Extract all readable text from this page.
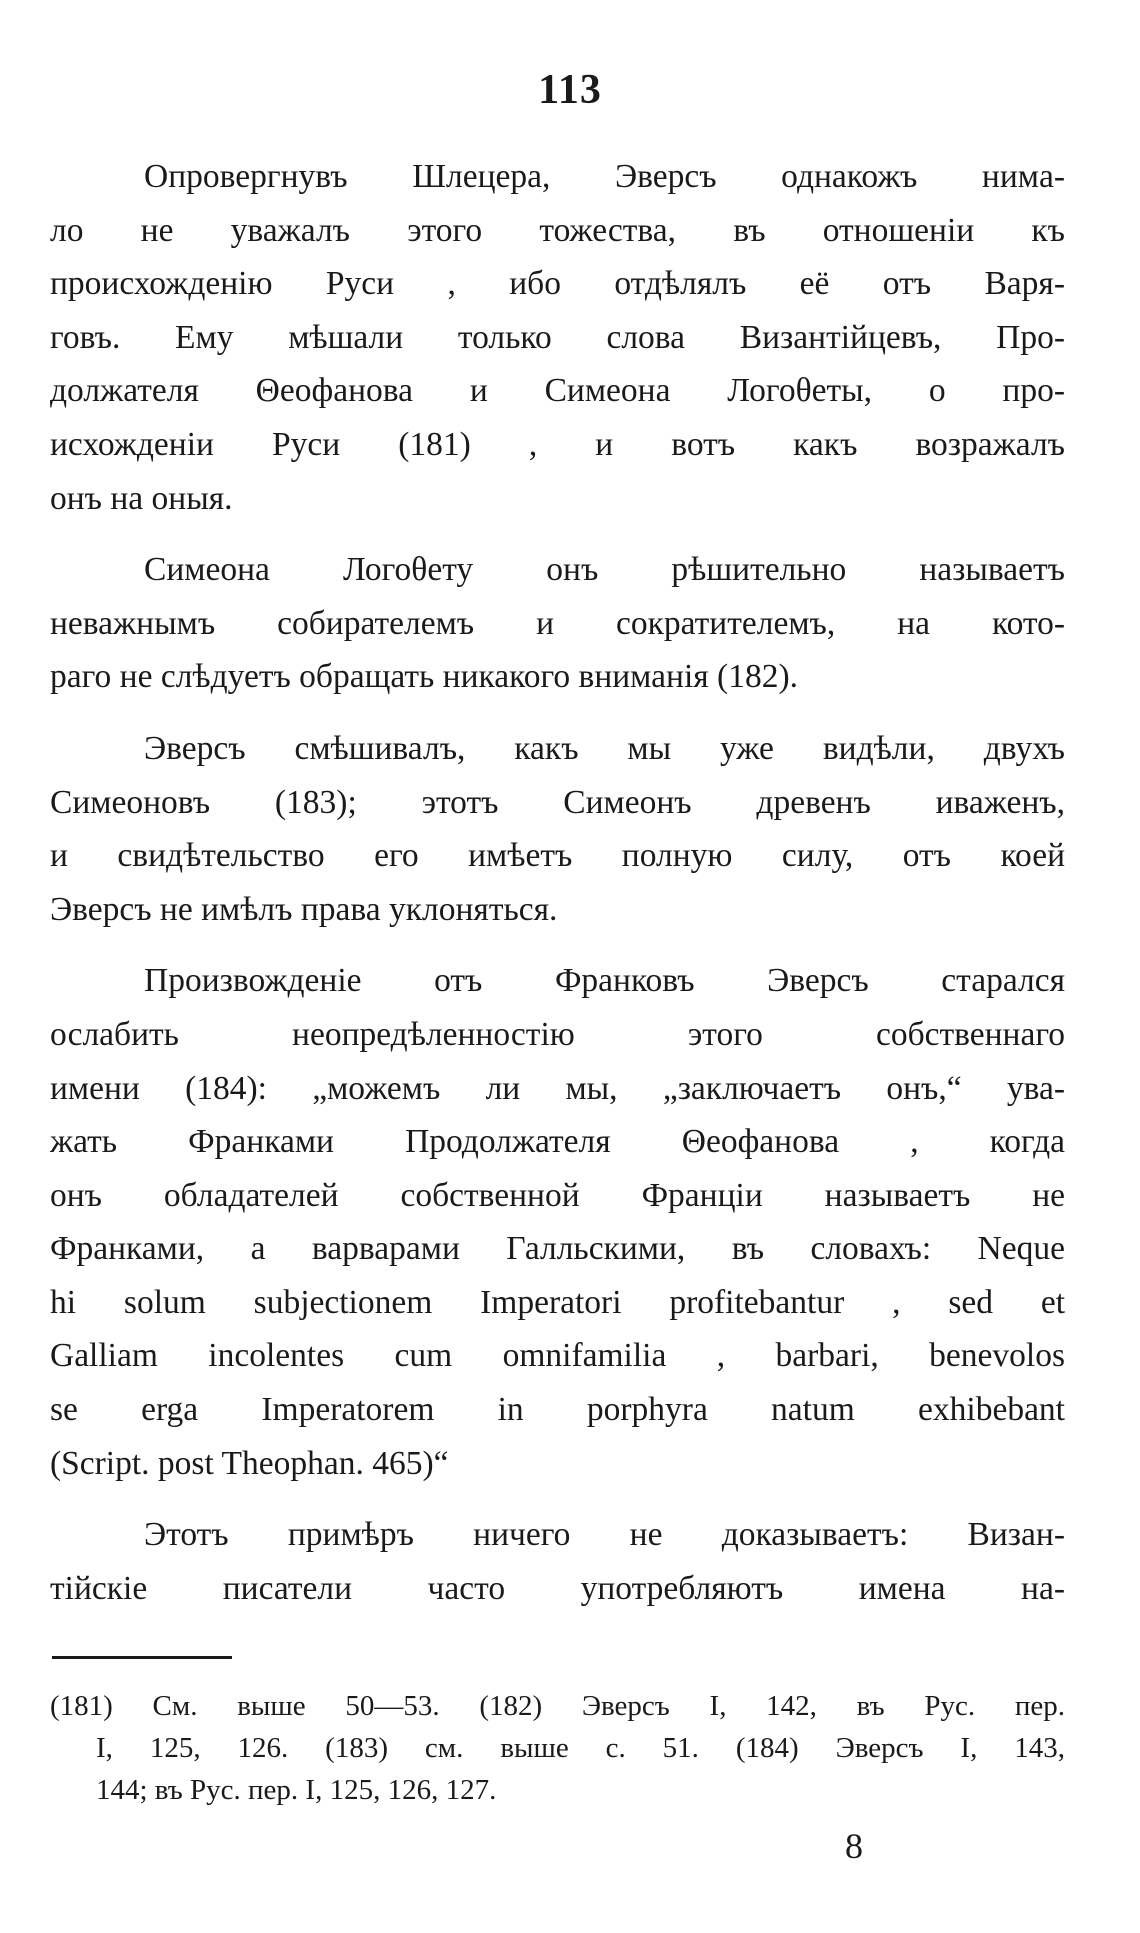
113
Опровергнувъ Шлецера, Эверсъ однакожъ нимa-
ло не уважалъ этого тожества, въ отношенiи къ
происхожденiю Руси , ибо отдѣлялъ её отъ Варя-
говъ. Ему мѣшали только слова Византiйцевъ, Про-
должателя Θеофанова и Симеона Логоθеты, о про-
исхожденiи Руси (181) , и вотъ какъ возражалъ
онъ на оныя.
Симеона Логоθету онъ рѣшительно называетъ
неважнымъ собирателемъ и сократителемъ, на кото-
раго не слѣдуетъ обращать никакого вниманiя (182).
Эверсъ смѣшивалъ, какъ мы уже видѣли, двухъ
Симеоновъ (183); этотъ Симеонъ древенъ иваженъ,
и свидѣтельство его имѣетъ полную силу, отъ коей
Эверсъ не имѣлъ права уклоняться.
Произвожденiе отъ Франковъ Эверсъ старался
ослабить неопредѣленностiю этого собственнаго
имени (184): „можемъ ли мы, „заключаетъ онъ,“ ува-
жать Франками Продолжателя Θеофанова , когда
онъ обладателей собственной Францiи называетъ не
Франками, а варварами Галльскими, въ словахъ: Neque
hi solum subjectionem Imperatori profitebantur , sed et
Galliam incolentes cum omnifamilia , barbari, benevolos
se erga Imperatorem in porphyra natum exhibebant
(Script. post Theophan. 465)“
Этотъ примѣръ ничего не доказываетъ: Визан-
тiйскiе писатели часто употребляютъ имена на-
(181) См. выше 50—53. (182) Эверсъ I, 142, въ Рус. пер.
I, 125, 126. (183) см. выше с. 51. (184) Эверсъ I, 143,
144; въ Рус. пер. I, 125, 126, 127.
8
